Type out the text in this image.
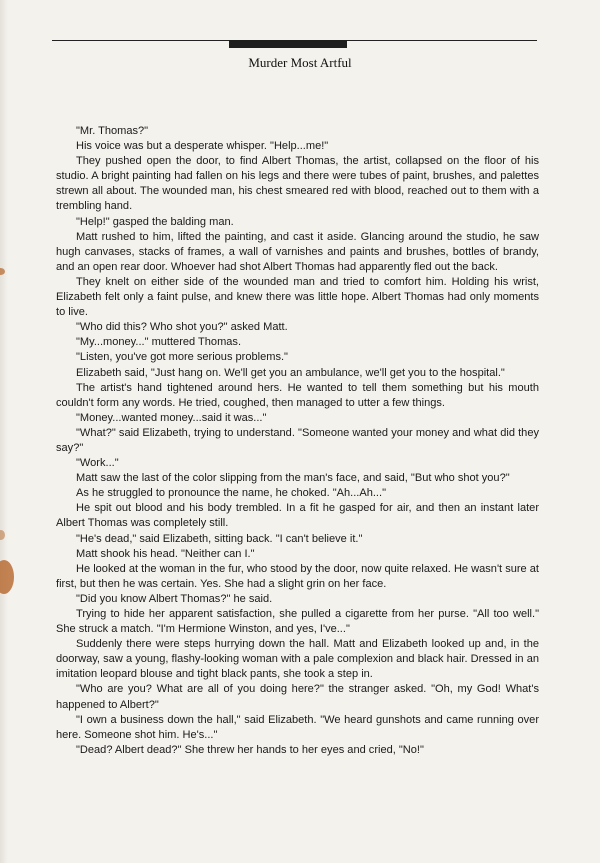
Murder Most Artful

"Mr. Thomas?"

His voice was but a desperate whisper. "Help...me!"

They pushed open the door, to find Albert Thomas, the artist, collapsed on the floor of his studio. A bright painting had fallen on his legs and there were tubes of paint, brushes, and palettes strewn all about. The wounded man, his chest smeared red with blood, reached out to them with a trembling hand.

"Help!" gasped the balding man.

Matt rushed to him, lifted the painting, and cast it aside. Glancing around the studio, he saw hugh canvases, stacks of frames, a wall of varnishes and paints and brushes, bottles of brandy, and an open rear door. Whoever had shot Albert Thomas had apparently fled out the back.

They knelt on either side of the wounded man and tried to comfort him. Holding his wrist, Elizabeth felt only a faint pulse, and knew there was little hope. Albert Thomas had only moments to live.

"Who did this? Who shot you?" asked Matt.

"My...money..." muttered Thomas.

"Listen, you've got more serious problems."

Elizabeth said, "Just hang on. We'll get you an ambulance, we'll get you to the hospital."

The artist's hand tightened around hers. He wanted to tell them something but his mouth couldn't form any words. He tried, coughed, then managed to utter a few things.

"Money...wanted money...said it was..."

"What?" said Elizabeth, trying to understand. "Someone wanted your money and what did they say?"

"Work..."

Matt saw the last of the color slipping from the man's face, and said, "But who shot you?"

As he struggled to pronounce the name, he choked. "Ah...Ah..."

He spit out blood and his body trembled. In a fit he gasped for air, and then an instant later Albert Thomas was completely still.

"He's dead," said Elizabeth, sitting back. "I can't believe it."

Matt shook his head. "Neither can I."

He looked at the woman in the fur, who stood by the door, now quite relaxed. He wasn't sure at first, but then he was certain. Yes. She had a slight grin on her face.

"Did you know Albert Thomas?" he said.

Trying to hide her apparent satisfaction, she pulled a cigarette from her purse. "All too well." She struck a match. "I'm Hermione Winston, and yes, I've..."

Suddenly there were steps hurrying down the hall. Matt and Elizabeth looked up and, in the doorway, saw a young, flashy-looking woman with a pale complexion and black hair. Dressed in an imitation leopard blouse and tight black pants, she took a step in.

"Who are you? What are all of you doing here?" the stranger asked. "Oh, my God! What's happened to Albert?"

"I own a business down the hall," said Elizabeth. "We heard gunshots and came running over here. Someone shot him. He's..."

"Dead? Albert dead?" She threw her hands to her eyes and cried, "No!"
